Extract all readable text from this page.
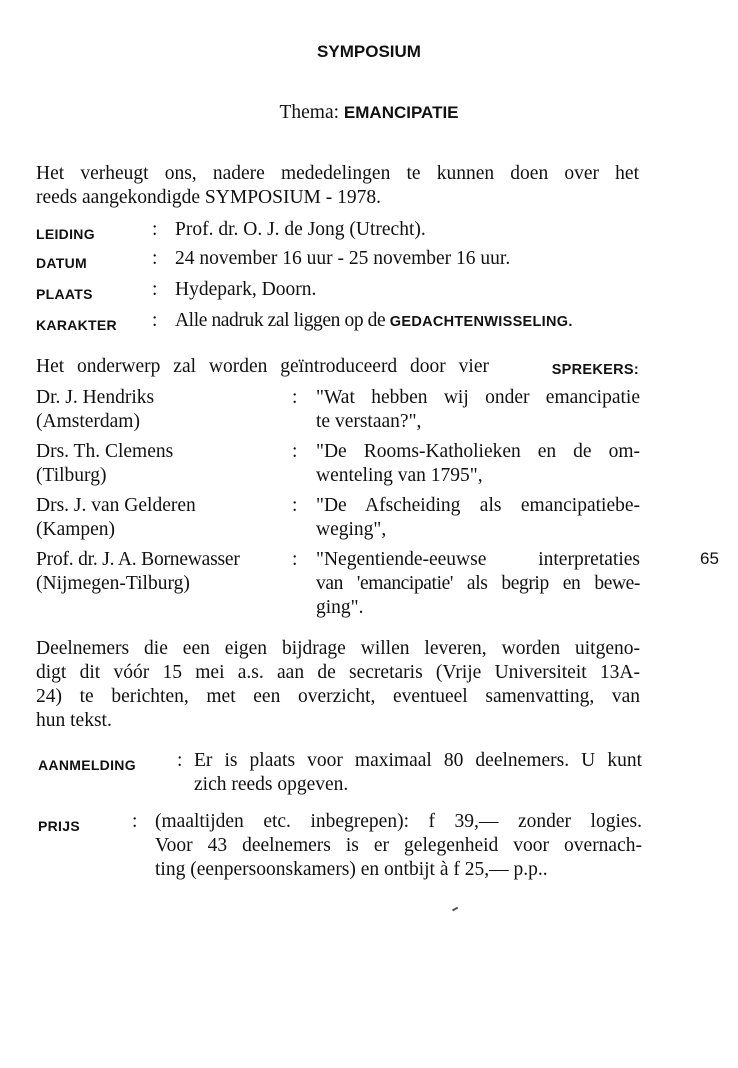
SYMPOSIUM
Thema: EMANCIPATIE
Het verheugt ons, nadere mededelingen te kunnen doen over het
reeds aangekondigde SYMPOSIUM - 1978.
LEIDING	: Prof. dr. O. J. de Jong (Utrecht).
DATUM	: 24 november 16 uur - 25 november 16 uur.
PLAATS	: Hydepark, Doorn.
KARAKTER : Alle nadruk zal liggen op de GEDACHTENWISSELING.
Het onderwerp zal worden geïntroduceerd door vier	SPREKERS:
Dr. J. Hendriks
(Amsterdam)
: "Wat hebben wij onder emancipatie
te verstaan?",
Drs. Th. Clemens
(Tilburg)
: "De Rooms-Katholieken en de om-
wenteling van 1795",
Drs. J. van Gelderen
(Kampen)
: "De Afscheiding als emancipatiebe-
weging",
Prof. dr. J. A. Bornewasser
(Nijmegen-Tilburg)
: "Negentiende-eeuwse interpretaties
van 'emancipatie' als begrip en bewe-
ging".
65
Deelnemers die een eigen bijdrage willen leveren, worden uitgeno-
digt dit vóór 15 mei a.s. aan de secretaris (Vrije Universiteit 13A-
24) te berichten, met een overzicht, eventueel samenvatting, van
hun tekst.
AANMELDING : Er is plaats voor maximaal 80 deelnemers. U kunt
zich reeds opgeven.
PRIJS	: (maaltijden etc. inbegrepen): f 39,— zonder logies.
Voor 43 deelnemers is er gelegenheid voor overnach-
ting (eenpersoonskamers) en ontbijt à f 25,— p.p..
